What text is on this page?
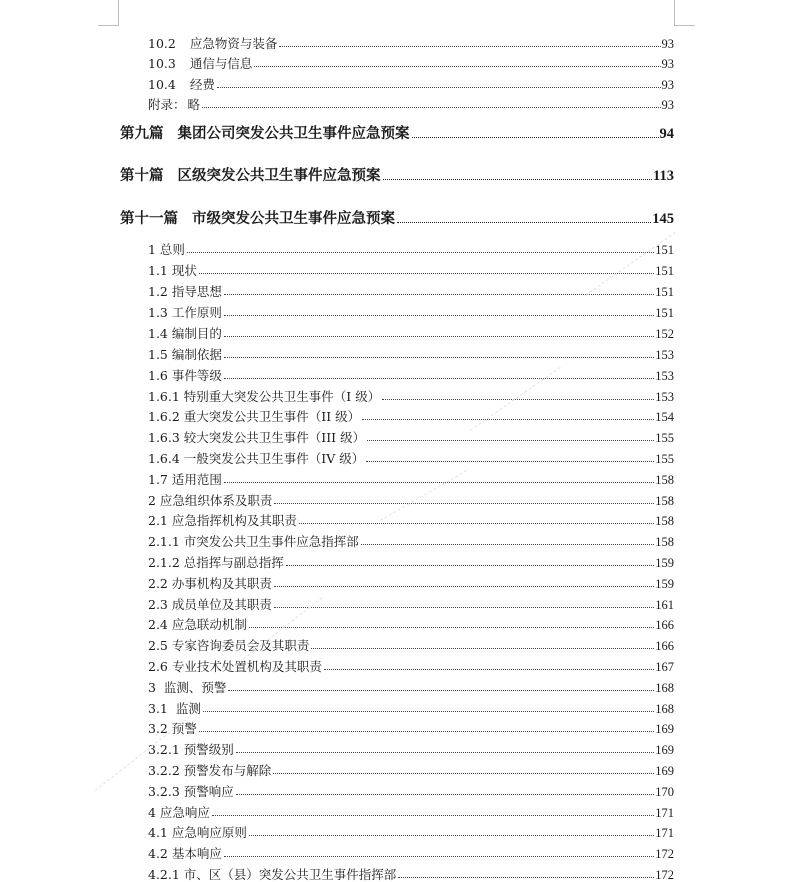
10.2 应急物资与装备	93
10.3 通信与信息	93
10.4 经费	93
附录： 略	93
第九篇 集团公司突发公共卫生事件应急预案	94
第十篇 区级突发公共卫生事件应急预案	113
第十一篇 市级突发公共卫生事件应急预案	145
1 总则	151
1.1 现状	151
1.2 指导思想	151
1.3 工作原则	151
1.4 编制目的	152
1.5 编制依据	153
1.6 事件等级	153
1.6.1 特别重大突发公共卫生事件（I 级）	153
1.6.2 重大突发公共卫生事件（II 级）	154
1.6.3 较大突发公共卫生事件（III 级）	155
1.6.4 一般突发公共卫生事件（IV 级）	155
1.7 适用范围	158
2 应急组织体系及职责	158
2.1 应急指挥机构及其职责	158
2.1.1 市突发公共卫生事件应急指挥部	158
2.1.2 总指挥与副总指挥	159
2.2 办事机构及其职责	159
2.3 成员单位及其职责	161
2.4 应急联动机制	166
2.5 专家咨询委员会及其职责	166
2.6 专业技术处置机构及其职责	167
3  监测、预警	168
3.1  监测	168
3.2 预警	169
3.2.1 预警级别	169
3.2.2 预警发布与解除	169
3.2.3 预警响应	170
4 应急响应	171
4.1 应急响应原则	171
4.2 基本响应	172
4.2.1 市、区（县）突发公共卫生事件指挥部	172
